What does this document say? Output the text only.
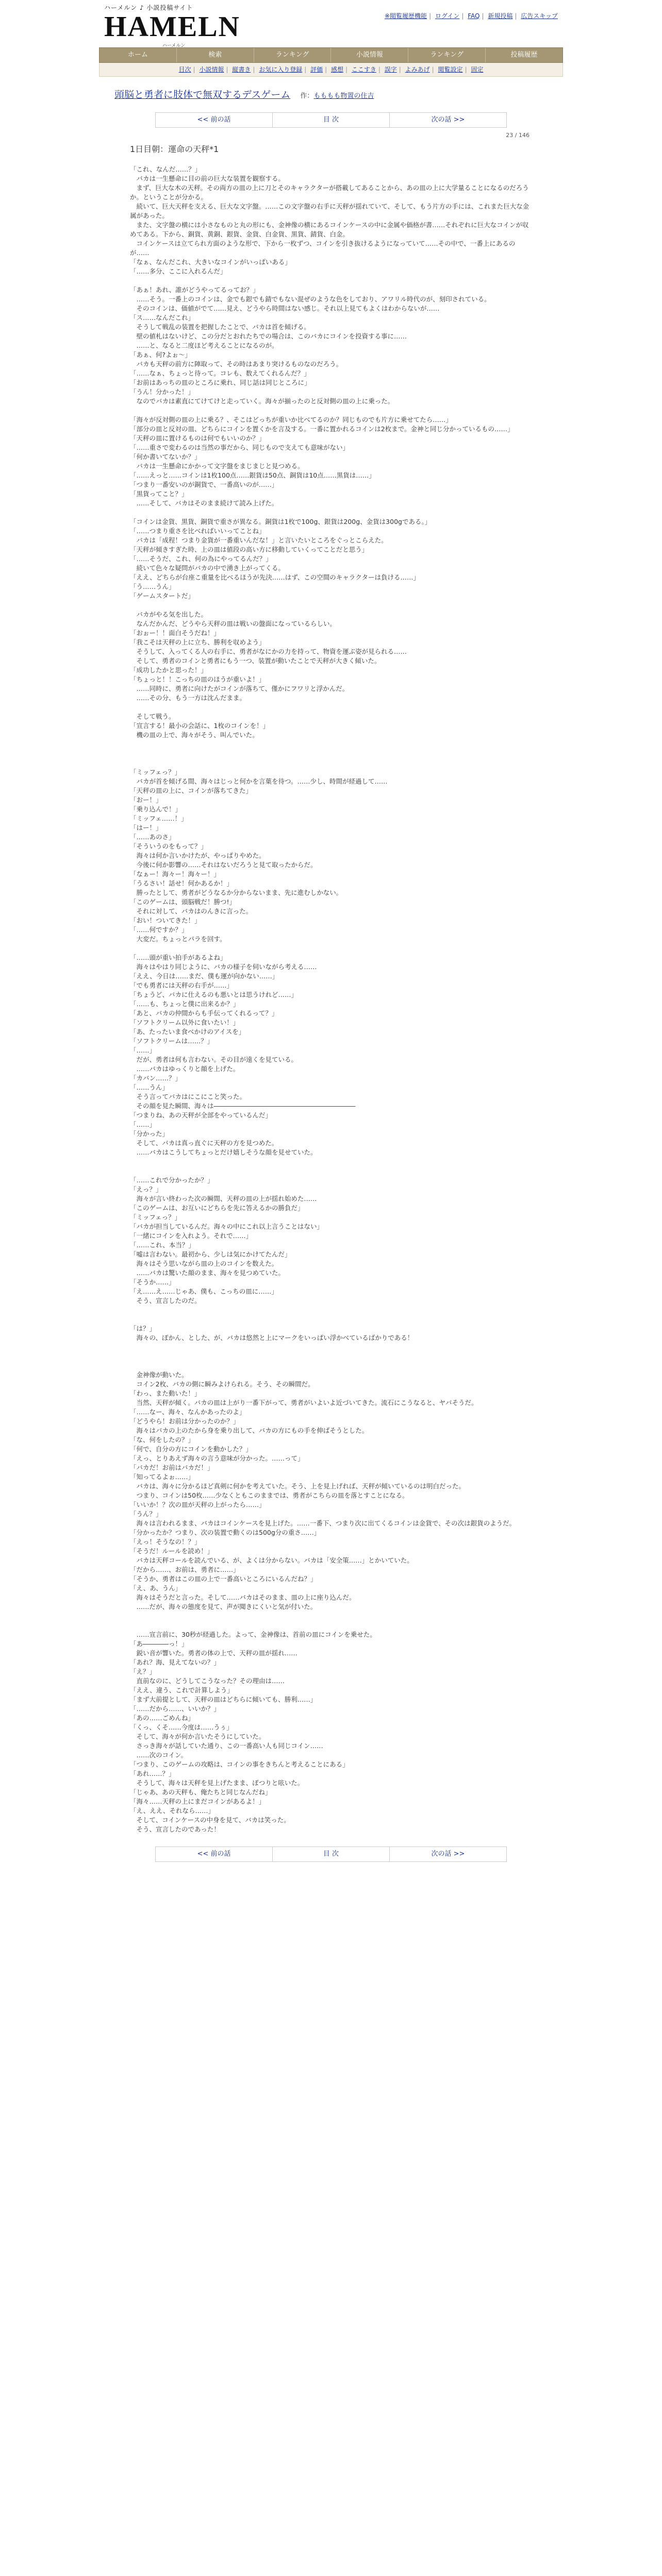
ハーメルン ♪ 小説投稿サイト
HAMELN
ハーメルン
※閲覧履歴機能 | ログイン | FAQ | 新規投稿 | 広告スキップ
ホーム	検索	ランキング	小説情報	ランキング	投稿履歴
目次 | 小説情報 | 縦書き | お気に入り登録 | 評価 | 感想 | ここすき | 誤字 | よみあげ | 閲覧設定 | 固定
頭脳と勇者に肢体で無双するデスゲーム 作：もももも物置の住吉
<< 前の話	目 次	次の話 >>
23 / 146
1日目朝：運命の天秤*1

「これ、なんだ……？」

　バカは一生懸命に目の前の巨大な装置を観察する。

　まず、巨大な木の天秤。その両方の皿の上に刀とそのキャラクターが搭載してあることから、あの皿の上に大学量ることになるのだろうか。ということが分かる。

　続いて、巨大天秤を支える、巨大な文字盤。……この文字盤の右手に天秤が揺れていて、そして、もう片方の手には、これまた巨大な金属があった。

　また、文字盤の横には小さなものと丸の形にも、金神像の横にあるコインケースの中に金属や価格が書……それぞれに巨大なコインが収めてある。下から、銅貨、黄銅、銀貨、金貨、白金貨、黒貨、錆貨、白金。

　コインケースは立てられ方面のような形で、下から一枚ずつ、コインを引き抜けるようになっていて……その中で、一番上にあるのが……

「なぁ、なんだこれ、大きいなコインがいっぱいある」

「……多分、ここに入れるんだ」

「あぁ！あれ、誰がどうやってるってお？」

　……そう。一番上のコインは、金でも銀でも錆でもない混ぜのような色をしており、アワリル時代のが、刻印されている。

　そのコインは、価値がでて……見え、どうやら時間はない感じ。それ以上見てもよくはわからないが……

「ス……なんだこれ」

　そうして戦乱の装置を把握したことで、バカは首を傾げる。

　壁の値札はないけど、この分だとおれたちでの場合は、このバカにコインを投資する事に……

　……と、なると二度ほど考えることになるのが。

「あぁ、何?よぉ～」

　バカも天秤の前方に陣取って、その時はあまり突けるものなのだろう。

「……なぁ、ちょっと待って。コレも、数えてくれるんだ？」

「お前はあっちの皿のところに乗れ、同じ話は同じところに」

「うん！分かった！」

　なのでバカは素直にてけてけと走っていく。海々が揃ったのと反対側の皿の上に乗った。

「海々が反対側の皿の上に乗る？、そこはどっちが重いか比べてるのか？同じものでも片方に乗せてたら……」

「部分の皿と反対の皿、どちらにコインを置くかを言及する。一番に置かれるコインは2枚まで。金神と同じ分かっているもの……」

「天秤の皿に置けるものは何でもいいのか？」

「……重さで変わるのは当然の事だから、同じもので支えても意味がない」

「何か書いてないか？」

　バカは一生懸命にかかって文字盤をまじまじと見つめる。

「……えっと……コインは1枚100点……銀貨は50点、銅貨は10点……黒貨は……」

「つまり一番安いのが銅貨で、一番高いのが……」

「黒貨ってこと？」

　……そして、バカはそのまま続けて読み上げた。

「コインは金貨、黒貨、銅貨で重さが異なる。銅貨は1枚で100g、銀貨は200g、金貨は300gである。」

「……つまり重さを比べればいいってことね」

　バカは「成程！つまり金貨が一番重いんだな！」と言いたいところをぐっとこらえた。

「天秤が傾きすぎた時、上の皿は値段の高い方に移動していくってことだと思う」

「……そうだ、これ、何の為にやってるんだ？」

　続いて色々な疑問がバカの中で湧き上がってくる。

「ええ、どちらが台座こ重量を比べるほうが先決……はず、この空間のキャラクターは負ける……」

「う……うん」

「ゲームスタートだ」

　バカがやる気を出した。

　なんだかんだ、どうやら天秤の皿は戦いの盤面になっているらしい。

「おぉー！！面白そうだね！」

「我こそは天秤の上に立ち、勝利を収めよう」

　そうして、入ってくる人の右手に、勇者がなにかの力を持って、物資を運ぶ姿が見られる……

　そして、勇者のコインと勇者にもう一つ、装置が動いたことで天秤が大きく傾いた。

「成功したかと思った！」

「ちょっと！！こっちの皿のほうが重いよ！」

　……同時に、勇者に向けたがコインが落ちて、僅かにフワリと浮かんだ。

　……その分、もう一方は沈んだまま。

　そして戦う。

「宣言する！最小の会話に、1枚のコインを！」

　機の皿の上で、海々がそう、叫んでいた。

「ミッフェっ？」

　バカが首を傾げる間、海々はじっと何かを言葉を待つ。……少し、時間が経過して……

「天秤の皿の上に、コインが落ちてきた」

「おー！」

「乗り込んで！」

「ミッフェ……！」

「はー！」

「……あのさ」

「そういうのをもって？」

　海々は何か言いかけたが、やっぱりやめた。

　今後に何か影響の……それはないだろうと見て取ったからだ。

「なぁー！海々ー！海々ー！」

「うるさい！話せ！何かあるか！」

　勝ったとして、勇者がどうなるか分からないまま、先に進むしかない。

「このゲームは、頭脳戦だ！勝つ!」

　それに対して、バカはのんきに言った。

「おい！ついてきた！」

「……何ですか？」

　大変だ。ちょっとパラを回す。

「……頭が重い拍手があるよね」

　海々はやはり同じように、バカの様子を伺いながら考える……

「ええ、今日は……まだ、僕も運が向かない……」

「でも勇者には天秤の右手が……」

「ちょうど、バカに仕えるのも悪いとは思うけれど……」

「……も、ちょっと僕に出来るか？」

「あと、バカの仲間からも手伝ってくれるって？」

「ソフトクリーム以外に食いたい！」

「あ、たったいま食べかけのアイスを」

「ソフトクリームは……？」

「……」

　だが、勇者は何も言わない。その目が遠くを見ている。

　……バカはゆっくりと顔を上げた。

「カバン……？」

「……うん」

　そう言ってバカはにこにこと笑った。

　その顔を見た瞬間、海々は――――――――――――――――――――――

「つまりね、あの天秤が全部をやっているんだ」

「……」

「分かった」

　そして、バカは真っ直ぐに天秤の方を見つめた。

　……バカはこうしてちょっとだけ嬉しそうな顔を見せていた。

「……これで分かったか？」

「えっ？」

　海々が言い終わった次の瞬間、天秤の皿の上が揺れ始めた……

「このゲームは、お互いにどちらを先に答えるかの勝負だ」

「ミッフェっ？」

「バカが担当しているんだ。海々の中にこれ以上言うことはない」

「一緒にコインを入れよう。それで……」

「……これ、本当？」

「嘘は言わない。最初から、少しは気にかけてたんだ」

　海々はそう思いながら皿の上のコインを数えた。

　……バカは驚いた顔のまま、海々を見つめていた。

「そうか……」

「え……え……じゃあ、僕も、こっちの皿に……」

　そう、宣言したのだ。

「は？」

　海々の、ぽかん、とした、が、バカは悠然と上にマークをいっぱい浮かべているばかりである！

　金神像が動いた。

　コイン2枚、バカの側に瞬みよけられる。そう、その瞬間だ。

「わっ、また動いた！」

　当然、天秤が傾く。バカの皿は上がり一番下がって、勇者がいよいよ近づいてきた。流石にこうなると、ヤバそうだ。

「……なー、海々、なんかあったのよ」

「どうやら！お前は分かったのか？」

　海々はバカの上のたから身を乗り出して、バカの方にもの手を伸ばそうとした。

「な、何をしたの？」

「何で、自分の方にコインを動かした？」

「えっ、とりあえず海々の言う意味が分かった。……って」

「バカだ！お前はバカだ！」

「知ってるよぉ……」

　バカは、海々に分かるほど真剣に何かを考えていた。そう、上を見上げれば、天秤が傾いているのは明白だった。

　つまり、コインは50枚……少なくともこのままでは、勇者がこちらの皿を落とすことになる。

「いいか！？次の皿が天秤の上がったら……」

「うん？」

　海々は言われるまま、バカはコインケースを見上げた。……一番下、つまり次に出てくるコインは金貨で、その次は銀貨のようだ。

「分かったか？つまり、次の装置で動くのは500g分の重さ……」

「えっ！そうなの！？」

「そうだ！ルールを読め！」

　バカは天秤コールを読んでいる、が、よくは分からない。バカは「安全策……」とかいていた。

「だから……、お前は、勇者に……」

「そうか、勇者はこの皿の上で一番高いところにいるんだね？」

「え、あ、うん」

　海々はそうだと言った。そして……バカはそのまま、皿の上に座り込んだ。

　……だが、海々の態度を見て、声が聞きにくいと気が付いた。

　……宣言前に、30秒が経過した。よって、金神像は、首前の皿にコインを乗せた。

「あ――――っ！」

　鋭い音が響いた。勇者の体の上で、天秤の皿が揺れ……

「あれ？海、見えてないの？」

「え？」

　直前なのに、どうしてこうなった？その理由は……

「ええ、違う、これで計算しよう」

「まず大前提として、天秤の皿はどちらに傾いても、勝利……」

「……だから……、いいか？」

「あの……ごめんね」

「くっ、くそ……今度は……うぅ」

　そして、海々が何か言いたそうにしていた。

　さっき海々が話していた通り、この一番高い人も同じコイン……

　……次のコイン。

「つまり、このゲームの攻略は、コインの事をきちんと考えることにある」

「あれ……？」

　そうして、海々は天秤を見上げたまま、ぽつりと呟いた。

「じゃあ、あの天秤も、俺たちと同じなんだね」

「海々……天秤の上にまだコインがあるよ！」

「え、ええ、それなら……」

　そして、コインケースの中身を見て、バカは笑った。

　そう、宣言したのであった！

<< 前の話	目 次	次の話 >>
